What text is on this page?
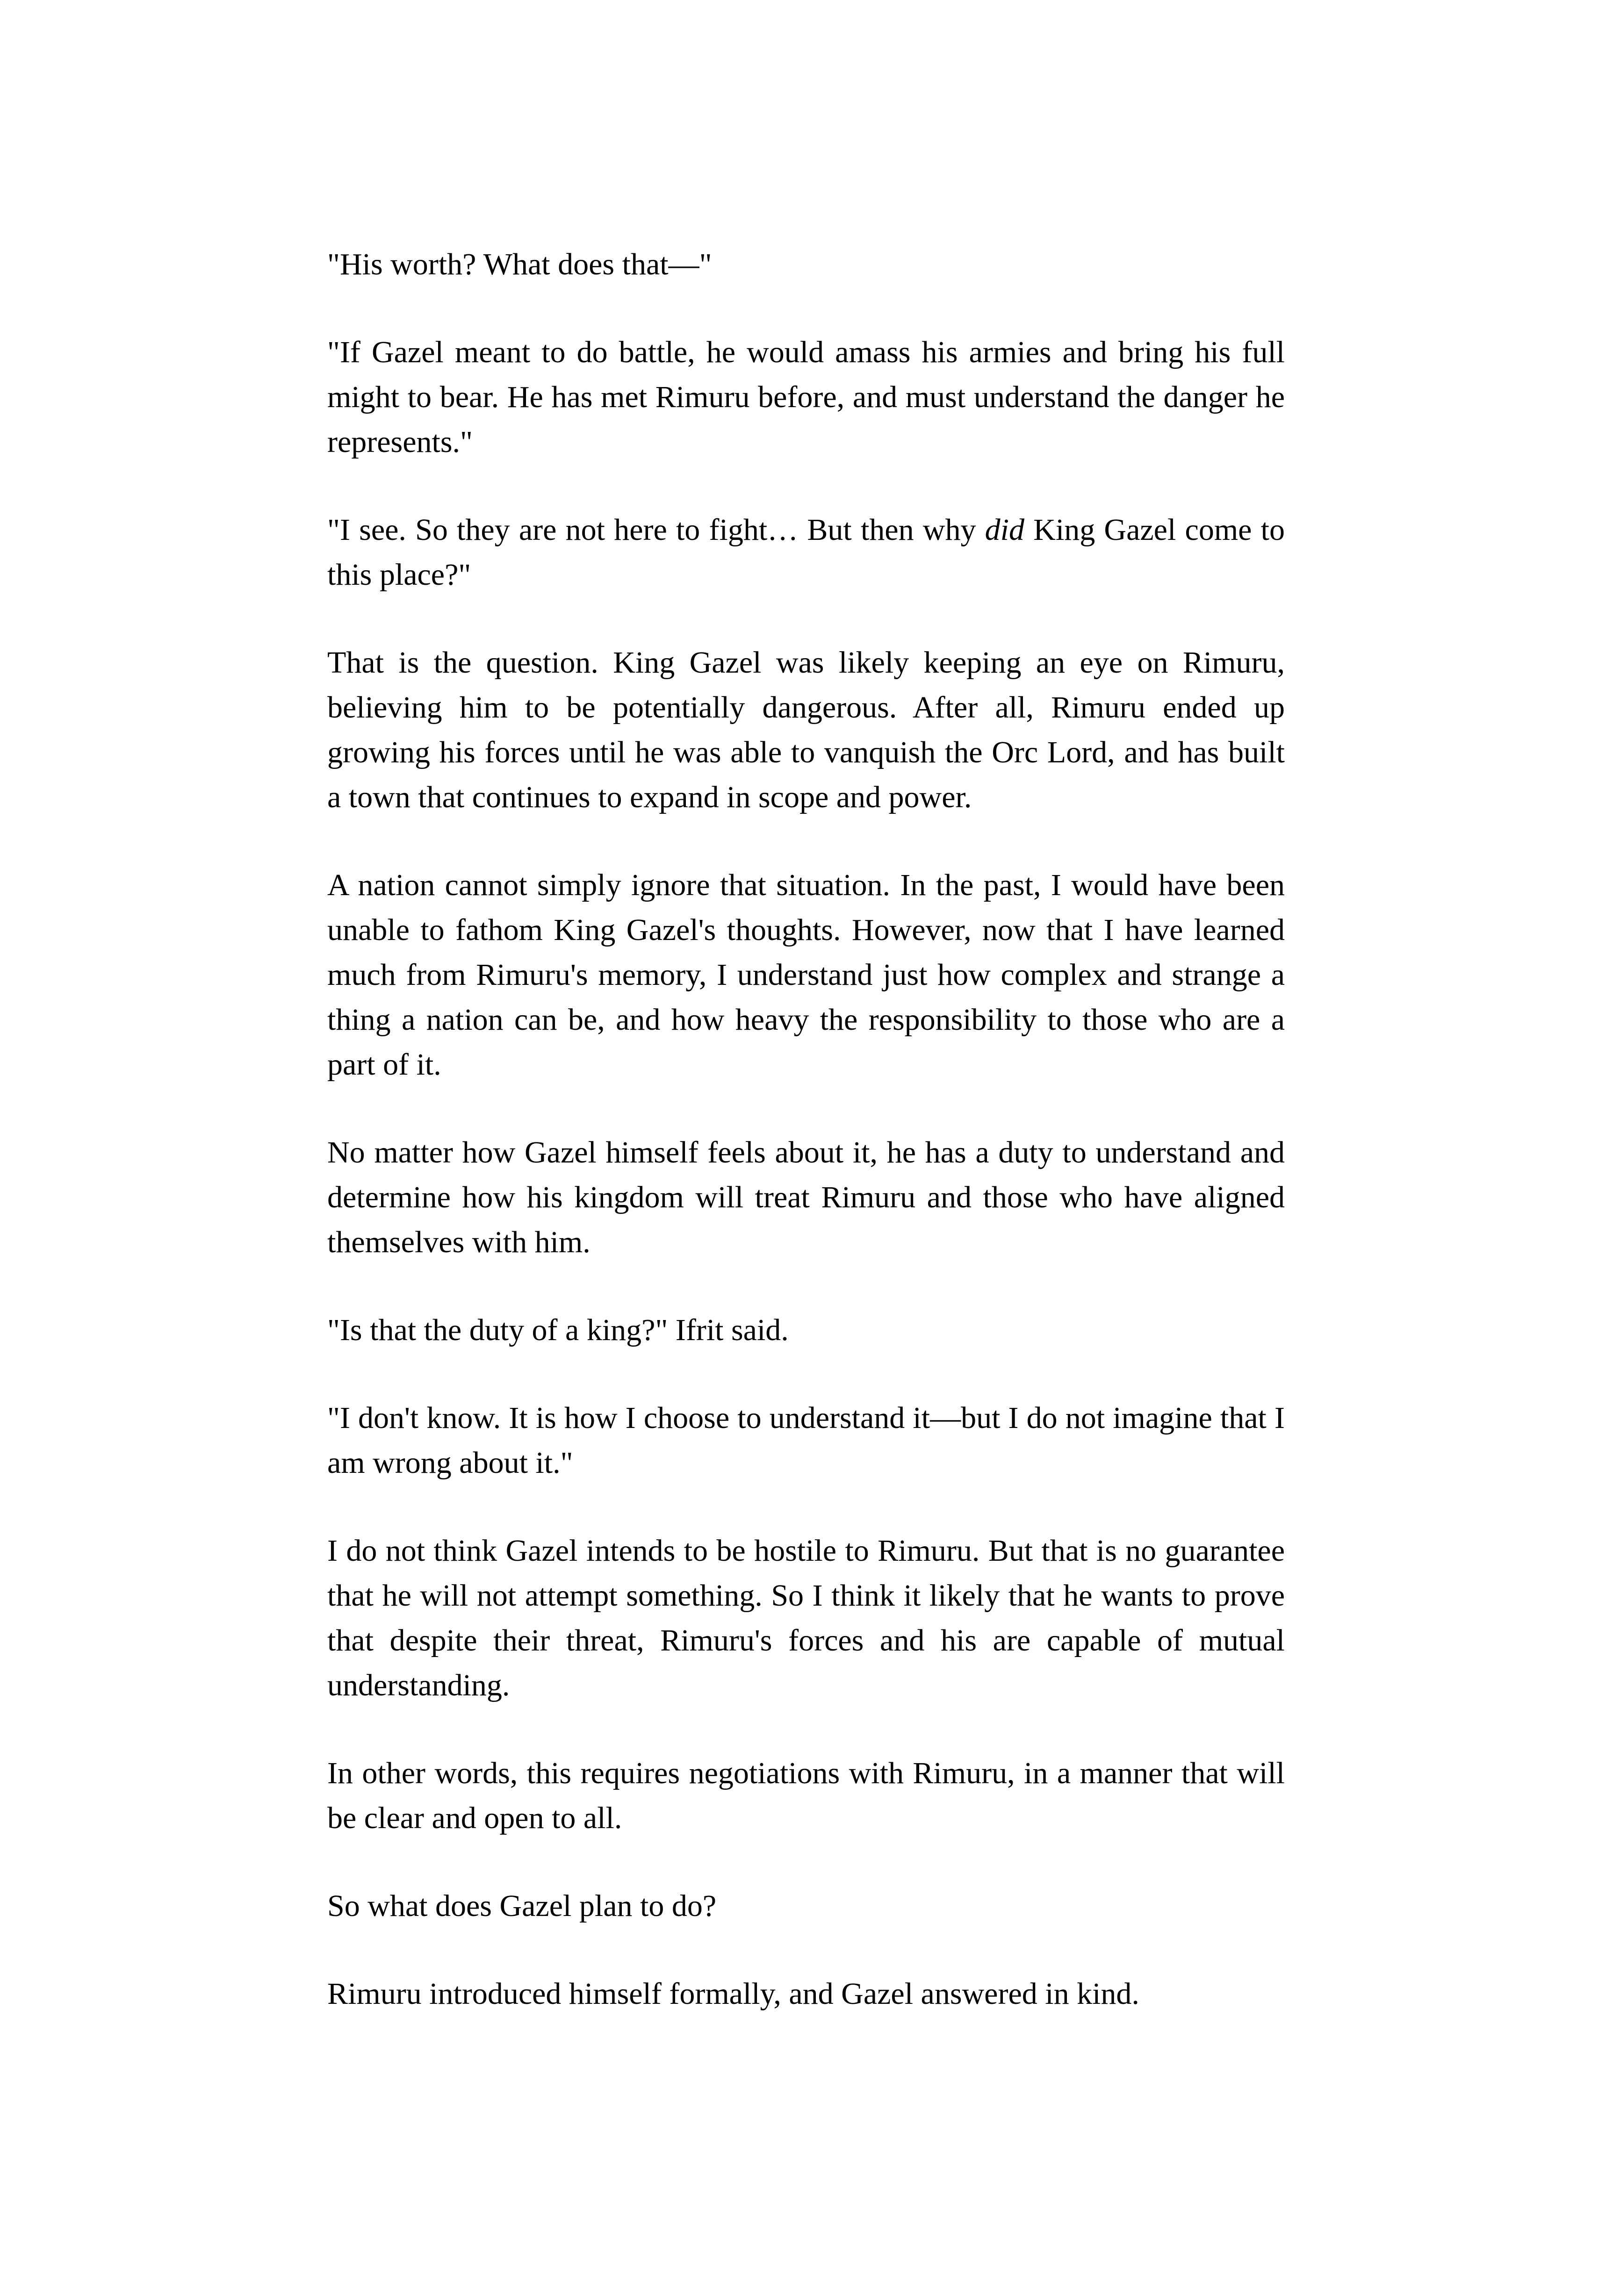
"His worth? What does that—"

"If Gazel meant to do battle, he would amass his armies and bring his full might to bear. He has met Rimuru before, and must understand the danger he represents."

"I see. So they are not here to fight… But then why did King Gazel come to this place?"

That is the question. King Gazel was likely keeping an eye on Rimuru, believing him to be potentially dangerous. After all, Rimuru ended up growing his forces until he was able to vanquish the Orc Lord, and has built a town that continues to expand in scope and power.

A nation cannot simply ignore that situation. In the past, I would have been unable to fathom King Gazel's thoughts. However, now that I have learned much from Rimuru's memory, I understand just how complex and strange a thing a nation can be, and how heavy the responsibility to those who are a part of it.

No matter how Gazel himself feels about it, he has a duty to understand and determine how his kingdom will treat Rimuru and those who have aligned themselves with him.

"Is that the duty of a king?" Ifrit said.

"I don't know. It is how I choose to understand it—but I do not imagine that I am wrong about it."

I do not think Gazel intends to be hostile to Rimuru. But that is no guarantee that he will not attempt something. So I think it likely that he wants to prove that despite their threat, Rimuru's forces and his are capable of mutual understanding.

In other words, this requires negotiations with Rimuru, in a manner that will be clear and open to all.

So what does Gazel plan to do?

Rimuru introduced himself formally, and Gazel answered in kind.
